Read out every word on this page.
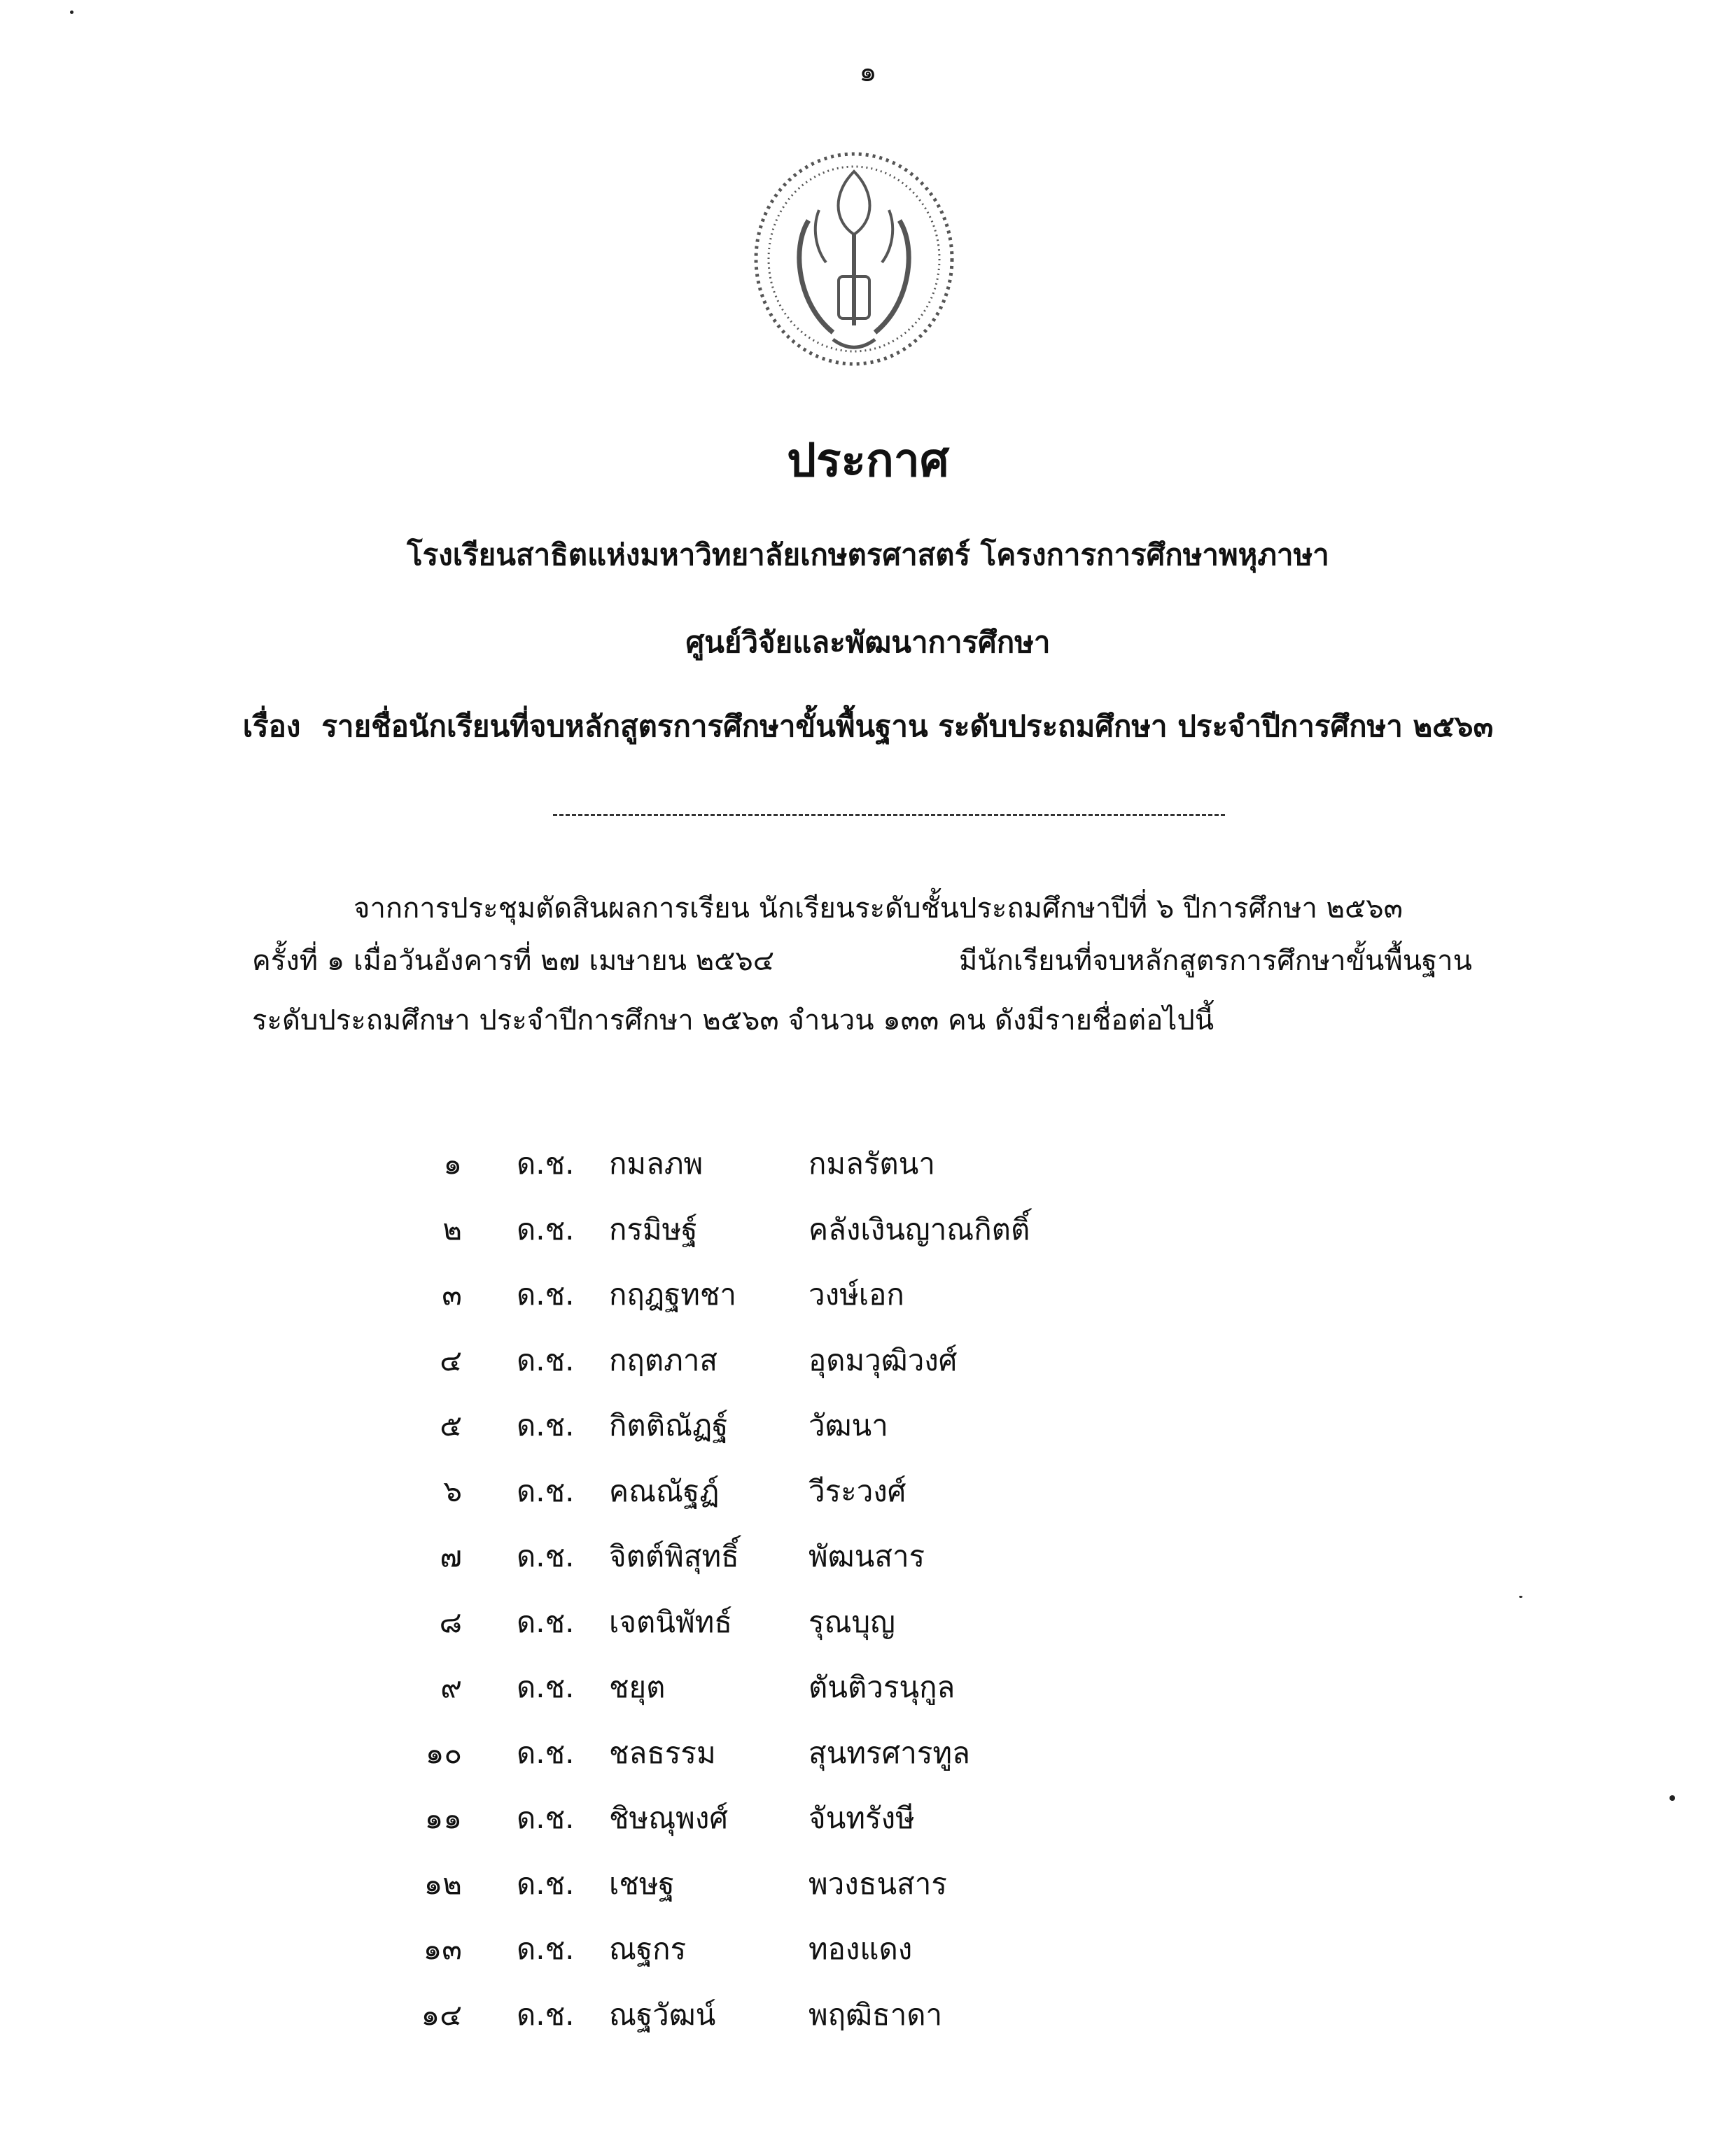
๑
ประกาศ
โรงเรียนสาธิตแห่งมหาวิทยาลัยเกษตรศาสตร์ โครงการการศึกษาพหุภาษา
ศูนย์วิจัยและพัฒนาการศึกษา
เรื่อง รายชื่อนักเรียนที่จบหลักสูตรการศึกษาขั้นพื้นฐาน ระดับประถมศึกษา ประจำปีการศึกษา ๒๕๖๓
จากการประชุมตัดสินผลการเรียน นักเรียนระดับชั้นประถมศึกษาปีที่ ๖ ปีการศึกษา ๒๕๖๓
ครั้งที่ ๑ เมื่อวันอังคารที่ ๒๗ เมษายน ๒๕๖๔	มีนักเรียนที่จบหลักสูตรการศึกษาขั้นพื้นฐาน
ระดับประถมศึกษา ประจำปีการศึกษา ๒๕๖๓ จำนวน ๑๓๓ คน ดังมีรายชื่อต่อไปนี้
๑ ด.ช. กมลภพ	กมลรัตนา
๒ ด.ช. กรมิษฐ์	คลังเงินญาณกิตติ์
๓ ด.ช. กฤฎฐทชา วงษ์เอก
๔ ด.ช. กฤตภาส	อุดมวุฒิวงศ์
๕ ด.ช. กิตติณัฏฐ์	วัฒนา
๖ ด.ช. คณณัฐฏ์	วีระวงศ์
๗ ด.ช. จิตต์พิสุทธิ์ พัฒนสาร
๘ ด.ช. เจตนิพัทธ์	รุณบุญ
๙ ด.ช. ชยุต	ตันติวรนุกูล
๑๐ ด.ช. ชลธรรม	สุนทรศารทูล
๑๑ ด.ช. ชิษณุพงศ์	จันทรังษี
๑๒ ด.ช. เชษฐ	พวงธนสาร
๑๓ ด.ช. ณฐกร	ทองแดง
๑๔ ด.ช. ณฐวัฒน์	พฤฒิธาดา
